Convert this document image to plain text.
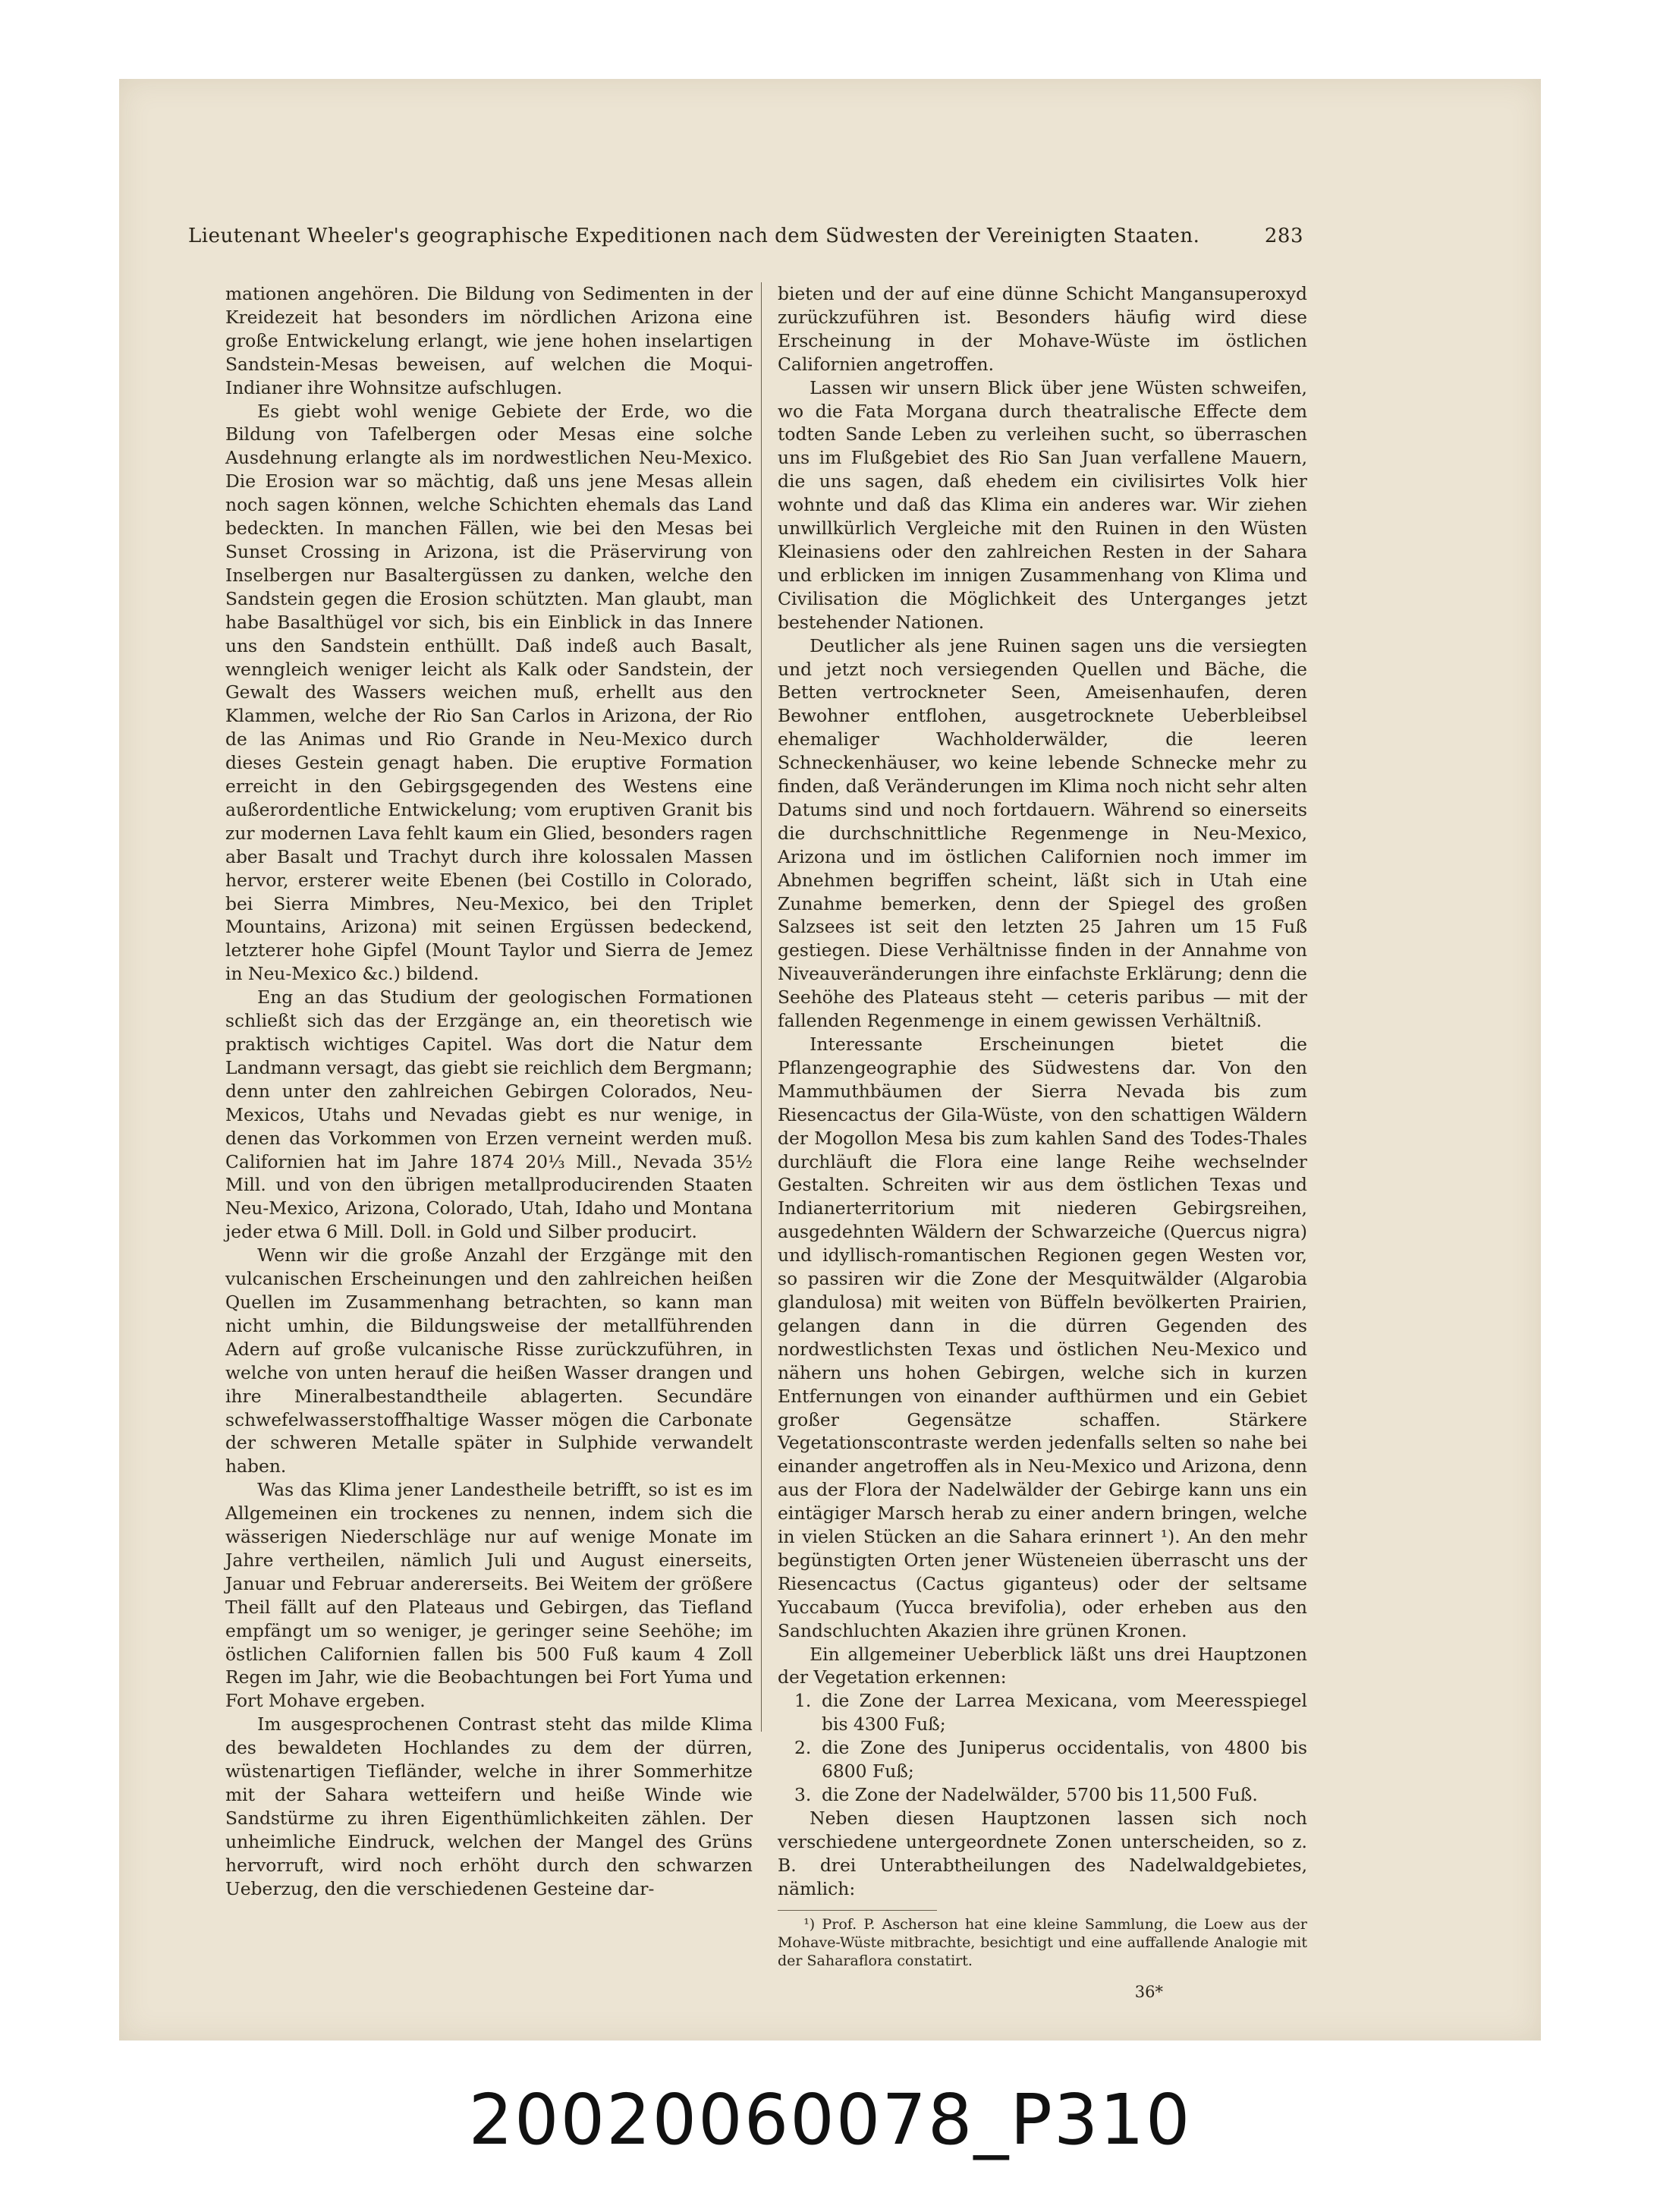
Lieutenant Wheeler's geographische Expeditionen nach dem Südwesten der Vereinigten Staaten.	283

mationen angehören. Die Bildung von Sedimenten in der Kreidezeit hat besonders im nördlichen Arizona eine große Entwickelung erlangt, wie jene hohen inselartigen Sandstein-Mesas beweisen, auf welchen die Moqui-Indianer ihre Wohnsitze aufschlugen.

Es giebt wohl wenige Gebiete der Erde, wo die Bildung von Tafelbergen oder Mesas eine solche Ausdehnung erlangte als im nordwestlichen Neu-Mexico. Die Erosion war so mächtig, daß uns jene Mesas allein noch sagen können, welche Schichten ehemals das Land bedeckten. In manchen Fällen, wie bei den Mesas bei Sunset Crossing in Arizona, ist die Präservirung von Inselbergen nur Basaltergüssen zu danken, welche den Sandstein gegen die Erosion schützten. Man glaubt, man habe Basalthügel vor sich, bis ein Einblick in das Innere uns den Sandstein enthüllt. Daß indeß auch Basalt, wenngleich weniger leicht als Kalk oder Sandstein, der Gewalt des Wassers weichen muß, erhellt aus den Klammen, welche der Rio San Carlos in Arizona, der Rio de las Animas und Rio Grande in Neu-Mexico durch dieses Gestein genagt haben. Die eruptive Formation erreicht in den Gebirgsgegenden des Westens eine außerordentliche Entwickelung; vom eruptiven Granit bis zur modernen Lava fehlt kaum ein Glied, besonders ragen aber Basalt und Trachyt durch ihre kolossalen Massen hervor, ersterer weite Ebenen (bei Costillo in Colorado, bei Sierra Mimbres, Neu-Mexico, bei den Triplet Mountains, Arizona) mit seinen Ergüssen bedeckend, letzterer hohe Gipfel (Mount Taylor und Sierra de Jemez in Neu-Mexico &c.) bildend.

Eng an das Studium der geologischen Formationen schließt sich das der Erzgänge an, ein theoretisch wie praktisch wichtiges Capitel. Was dort die Natur dem Landmann versagt, das giebt sie reichlich dem Bergmann; denn unter den zahlreichen Gebirgen Colorados, Neu-Mexicos, Utahs und Nevadas giebt es nur wenige, in denen das Vorkommen von Erzen verneint werden muß. Californien hat im Jahre 1874 20⅓ Mill., Nevada 35½ Mill. und von den übrigen metallproducirenden Staaten Neu-Mexico, Arizona, Colorado, Utah, Idaho und Montana jeder etwa 6 Mill. Doll. in Gold und Silber producirt.

Wenn wir die große Anzahl der Erzgänge mit den vulcanischen Erscheinungen und den zahlreichen heißen Quellen im Zusammenhang betrachten, so kann man nicht umhin, die Bildungsweise der metallführenden Adern auf große vulcanische Risse zurückzuführen, in welche von unten herauf die heißen Wasser drangen und ihre Mineralbestandtheile ablagerten. Secundäre schwefelwasserstoffhaltige Wasser mögen die Carbonate der schweren Metalle später in Sulphide verwandelt haben.

Was das Klima jener Landestheile betrifft, so ist es im Allgemeinen ein trockenes zu nennen, indem sich die wässerigen Niederschläge nur auf wenige Monate im Jahre vertheilen, nämlich Juli und August einerseits, Januar und Februar andererseits. Bei Weitem der größere Theil fällt auf den Plateaus und Gebirgen, das Tiefland empfängt um so weniger, je geringer seine Seehöhe; im östlichen Californien fallen bis 500 Fuß kaum 4 Zoll Regen im Jahr, wie die Beobachtungen bei Fort Yuma und Fort Mohave ergeben.

Im ausgesprochenen Contrast steht das milde Klima des bewaldeten Hochlandes zu dem der dürren, wüstenartigen Tiefländer, welche in ihrer Sommerhitze mit der Sahara wetteifern und heiße Winde wie Sandstürme zu ihren Eigenthümlichkeiten zählen. Der unheimliche Eindruck, welchen der Mangel des Grüns hervorruft, wird noch erhöht durch den schwarzen Ueberzug, den die verschiedenen Gesteine dar-

bieten und der auf eine dünne Schicht Mangansuperoxyd zurückzuführen ist. Besonders häufig wird diese Erscheinung in der Mohave-Wüste im östlichen Californien angetroffen.

Lassen wir unsern Blick über jene Wüsten schweifen, wo die Fata Morgana durch theatralische Effecte dem todten Sande Leben zu verleihen sucht, so überraschen uns im Flußgebiet des Rio San Juan verfallene Mauern, die uns sagen, daß ehedem ein civilisirtes Volk hier wohnte und daß das Klima ein anderes war. Wir ziehen unwillkürlich Vergleiche mit den Ruinen in den Wüsten Kleinasiens oder den zahlreichen Resten in der Sahara und erblicken im innigen Zusammenhang von Klima und Civilisation die Möglichkeit des Unterganges jetzt bestehender Nationen.

Deutlicher als jene Ruinen sagen uns die versiegten und jetzt noch versiegenden Quellen und Bäche, die Betten vertrockneter Seen, Ameisenhaufen, deren Bewohner entflohen, ausgetrocknete Ueberbleibsel ehemaliger Wachholderwälder, die leeren Schneckenhäuser, wo keine lebende Schnecke mehr zu finden, daß Veränderungen im Klima noch nicht sehr alten Datums sind und noch fortdauern. Während so einerseits die durchschnittliche Regenmenge in Neu-Mexico, Arizona und im östlichen Californien noch immer im Abnehmen begriffen scheint, läßt sich in Utah eine Zunahme bemerken, denn der Spiegel des großen Salzsees ist seit den letzten 25 Jahren um 15 Fuß gestiegen. Diese Verhältnisse finden in der Annahme von Niveauveränderungen ihre einfachste Erklärung; denn die Seehöhe des Plateaus steht — ceteris paribus — mit der fallenden Regenmenge in einem gewissen Verhältniß.

Interessante Erscheinungen bietet die Pflanzengeographie des Südwestens dar. Von den Mammuthbäumen der Sierra Nevada bis zum Riesencactus der Gila-Wüste, von den schattigen Wäldern der Mogollon Mesa bis zum kahlen Sand des Todes-Thales durchläuft die Flora eine lange Reihe wechselnder Gestalten. Schreiten wir aus dem östlichen Texas und Indianerterritorium mit niederen Gebirgsreihen, ausgedehnten Wäldern der Schwarzeiche (Quercus nigra) und idyllisch-romantischen Regionen gegen Westen vor, so passiren wir die Zone der Mesquitwälder (Algarobia glandulosa) mit weiten von Büffeln bevölkerten Prairien, gelangen dann in die dürren Gegenden des nordwestlichsten Texas und östlichen Neu-Mexico und nähern uns hohen Gebirgen, welche sich in kurzen Entfernungen von einander aufthürmen und ein Gebiet großer Gegensätze schaffen. Stärkere Vegetationscontraste werden jedenfalls selten so nahe bei einander angetroffen als in Neu-Mexico und Arizona, denn aus der Flora der Nadelwälder der Gebirge kann uns ein eintägiger Marsch herab zu einer andern bringen, welche in vielen Stücken an die Sahara erinnert ¹). An den mehr begünstigten Orten jener Wüsteneien überrascht uns der Riesencactus (Cactus giganteus) oder der seltsame Yuccabaum (Yucca brevifolia), oder erheben aus den Sandschluchten Akazien ihre grünen Kronen.

Ein allgemeiner Ueberblick läßt uns drei Hauptzonen der Vegetation erkennen:

1. die Zone der Larrea Mexicana, vom Meeresspiegel bis 4300 Fuß;
2. die Zone des Juniperus occidentalis, von 4800 bis 6800 Fuß;
3. die Zone der Nadelwälder, 5700 bis 11,500 Fuß.

Neben diesen Hauptzonen lassen sich noch verschiedene untergeordnete Zonen unterscheiden, so z. B. drei Unterabtheilungen des Nadelwaldgebietes, nämlich:

¹) Prof. P. Ascherson hat eine kleine Sammlung, die Loew aus der Mohave-Wüste mitbrachte, besichtigt und eine auffallende Analogie mit der Saharaflora constatirt.

36*
20020060078_P310
